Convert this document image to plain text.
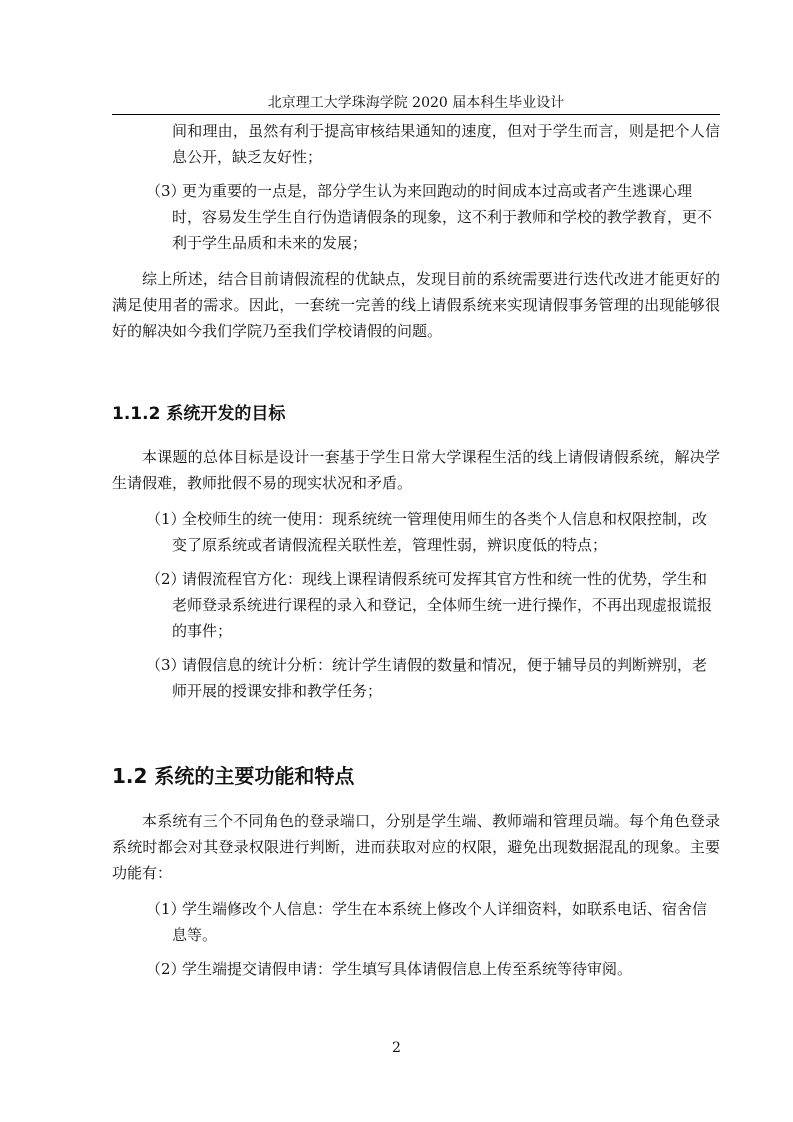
北京理工大学珠海学院 2020 届本科生毕业设计

间和理由，虽然有利于提高审核结果通知的速度，但对于学生而言，则是把个人信息公开，缺乏友好性；

（3）更为重要的一点是，部分学生认为来回跑动的时间成本过高或者产生逃课心理时，容易发生学生自行伪造请假条的现象，这不利于教师和学校的教学教育，更不利于学生品质和未来的发展；

综上所述，结合目前请假流程的优缺点，发现目前的系统需要进行迭代改进才能更好的满足使用者的需求。因此，一套统一完善的线上请假系统来实现请假事务管理的出现能够很好的解决如今我们学院乃至我们学校请假的问题。

1.1.2 系统开发的目标

本课题的总体目标是设计一套基于学生日常大学课程生活的线上请假请假系统，解决学生请假难，教师批假不易的现实状况和矛盾。

（1）全校师生的统一使用：现系统统一管理使用师生的各类个人信息和权限控制，改变了原系统或者请假流程关联性差，管理性弱，辨识度低的特点；

（2）请假流程官方化：现线上课程请假系统可发挥其官方性和统一性的优势，学生和老师登录系统进行课程的录入和登记，全体师生统一进行操作，不再出现虚报谎报的事件；

（3）请假信息的统计分析：统计学生请假的数量和情况，便于辅导员的判断辨别，老师开展的授课安排和教学任务；

1.2 系统的主要功能和特点

本系统有三个不同角色的登录端口，分别是学生端、教师端和管理员端。每个角色登录系统时都会对其登录权限进行判断，进而获取对应的权限，避免出现数据混乱的现象。主要功能有：

（1）学生端修改个人信息：学生在本系统上修改个人详细资料，如联系电话、宿舍信息等。

（2）学生端提交请假申请：学生填写具体请假信息上传至系统等待审阅。

2
